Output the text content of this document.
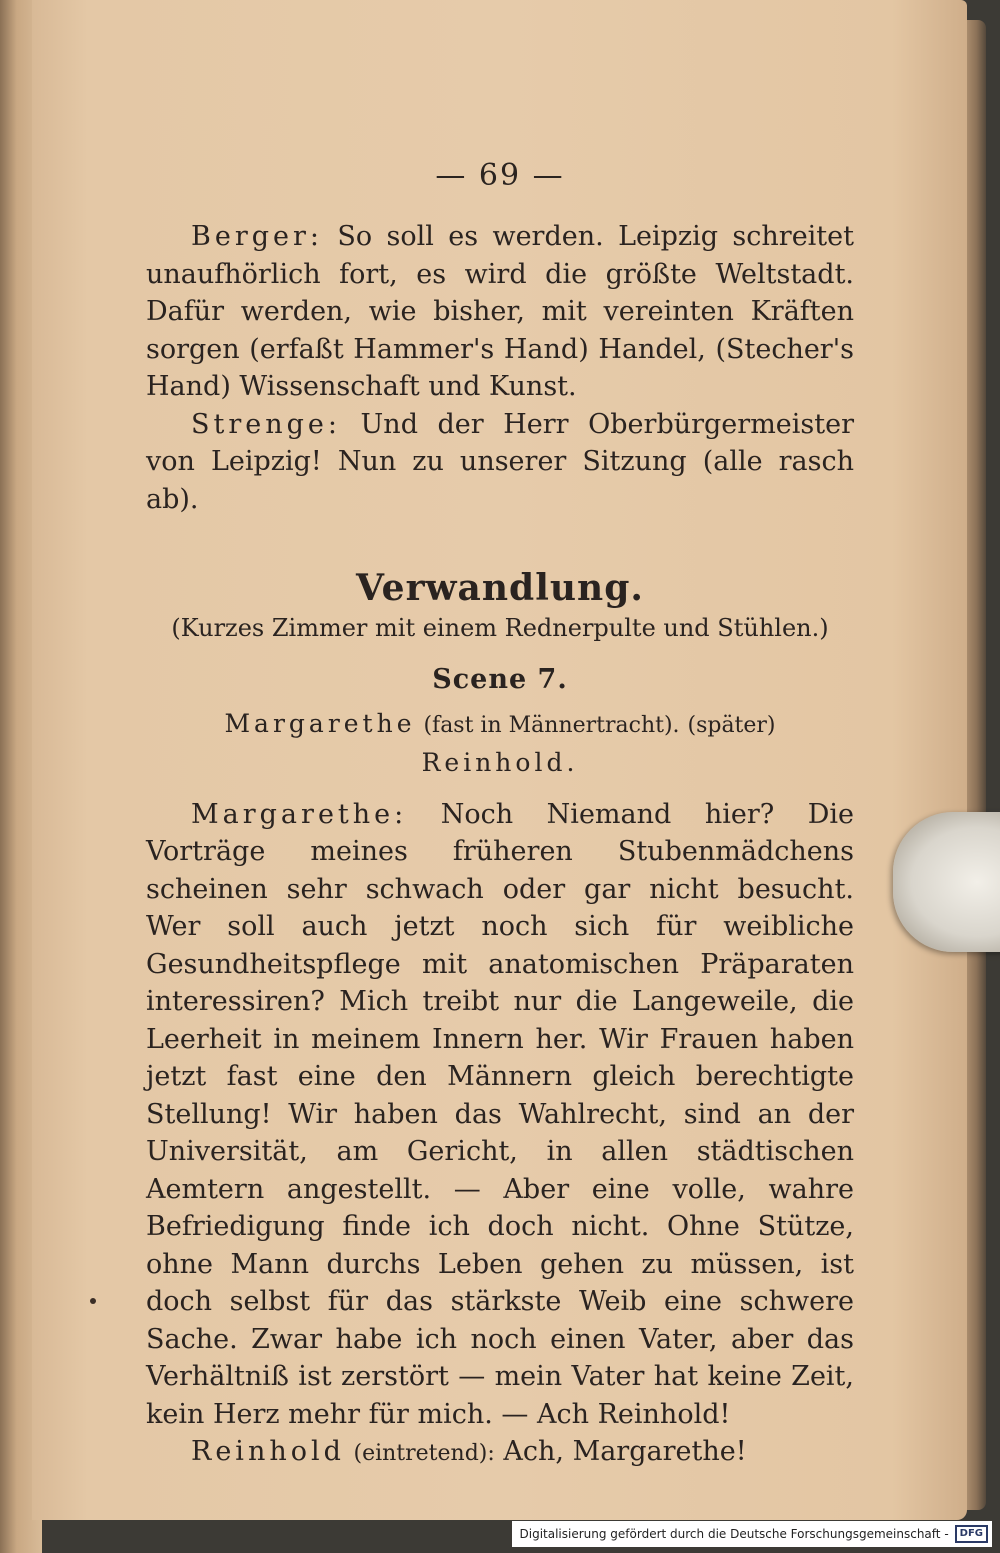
— 69 —

Berger: So soll es werden. Leipzig schreitet unaufhörlich fort, es wird die größte Weltstadt. Dafür werden, wie bisher, mit vereinten Kräften sorgen (erfaßt Hammer's Hand) Handel, (Stecher's Hand) Wissenschaft und Kunst.

Strenge: Und der Herr Oberbürgermeister von Leipzig! Nun zu unserer Sitzung (alle rasch ab).

Verwandlung.
(Kurzes Zimmer mit einem Rednerpulte und Stühlen.)
Scene 7.
Margarethe (fast in Männertracht). (später) Reinhold.

Margarethe: Noch Niemand hier? Die Vorträge meines früheren Stubenmädchens scheinen sehr schwach oder gar nicht besucht. Wer soll auch jetzt noch sich für weibliche Gesundheitspflege mit anatomischen Präparaten interessiren? Mich treibt nur die Langeweile, die Leerheit in meinem Innern her. Wir Frauen haben jetzt fast eine den Männern gleich berechtigte Stellung! Wir haben das Wahlrecht, sind an der Universität, am Gericht, in allen städtischen Aemtern angestellt. — Aber eine volle, wahre Befriedigung finde ich doch nicht. Ohne Stütze, ohne Mann durchs Leben gehen zu müssen, ist doch selbst für das stärkste Weib eine schwere Sache. Zwar habe ich noch einen Vater, aber das Verhältniß ist zerstört — mein Vater hat keine Zeit, kein Herz mehr für mich. — Ach Reinhold!

Reinhold (eintretend): Ach, Margarethe!

Digitalisierung gefördert durch die Deutsche Forschungsgemeinschaft -	DFG
